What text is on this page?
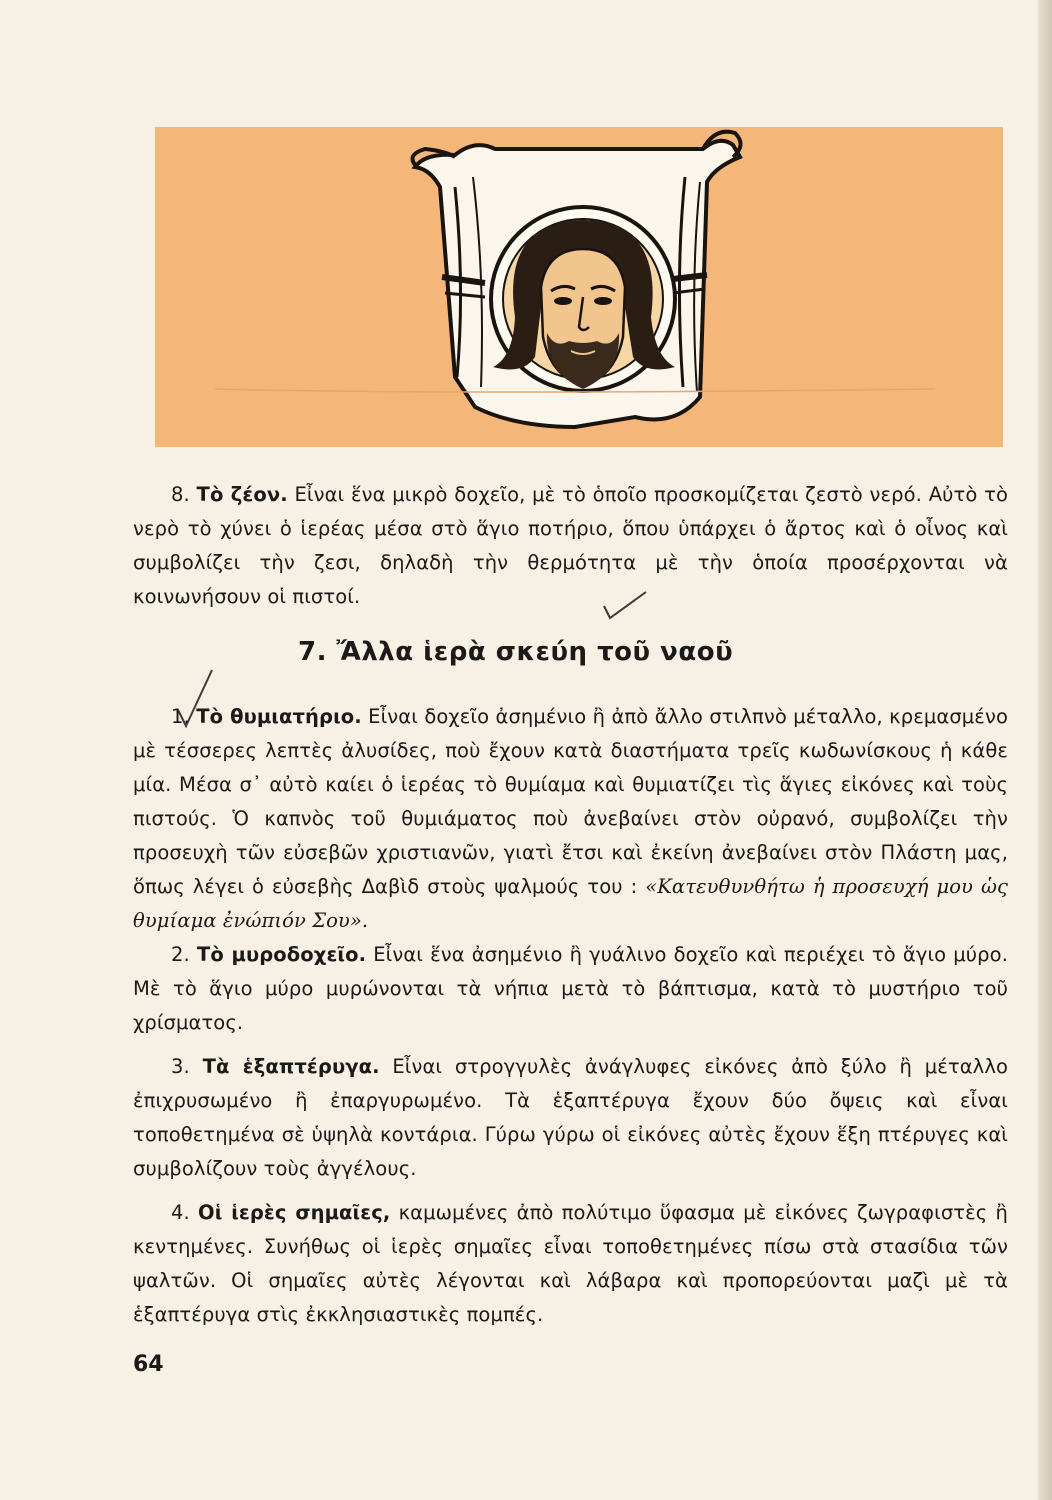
8. Τὸ ζέον. Εἶναι ἕνα μικρὸ δοχεῖο, μὲ τὸ ὁποῖο προσκομίζεται ζεστὸ νερό. Αὐτὸ τὸ νερὸ τὸ χύνει ὁ ἱερέας μέσα στὸ ἅγιο ποτήριο, ὅπου ὑπάρχει ὁ ἄρτος καὶ ὁ οἶνος καὶ συμβολίζει τὴν ζεσι, δηλαδὴ τὴν θερμότητα μὲ τὴν ὁποία προσέρχονται νὰ κοινωνήσουν οἱ πιστοί.

7. Ἄλλα ἱερὰ σκεύη τοῦ ναοῦ

1. Τὸ θυμιατήριο. Εἶναι δοχεῖο ἀσημένιο ἢ ἀπὸ ἄλλο στιλπνὸ μέταλλο, κρεμασμένο μὲ τέσσερες λεπτὲς ἀλυσίδες, ποὺ ἔχουν κατὰ διαστήματα τρεῖς κωδωνίσκους ἡ κάθε μία. Μέσα σ᾽ αὐτὸ καίει ὁ ἱερέας τὸ θυμίαμα καὶ θυμιατίζει τὶς ἅγιες εἰκόνες καὶ τοὺς πιστούς. Ὁ καπνὸς τοῦ θυμιάματος ποὺ ἀνεβαίνει στὸν οὐρανό, συμβολίζει τὴν προσευχὴ τῶν εὐσεβῶν χριστιανῶν, γιατὶ ἔτσι καὶ ἐκείνη ἀνεβαίνει στὸν Πλάστη μας, ὅπως λέγει ὁ εὐσεβὴς Δαβὶδ στοὺς ψαλμούς του : «Κατευθυνθήτω ἡ προσευχή μου ὡς θυμίαμα ἐνώπιόν Σου».

2. Τὸ μυροδοχεῖο. Εἶναι ἕνα ἀσημένιο ἢ γυάλινο δοχεῖο καὶ περιέχει τὸ ἅγιο μύρο. Μὲ τὸ ἅγιο μύρο μυρώνονται τὰ νήπια μετὰ τὸ βάπτισμα, κατὰ τὸ μυστήριο τοῦ χρίσματος.

3. Τὰ ἑξαπτέρυγα. Εἶναι στρογγυλὲς ἀνάγλυφες εἰκόνες ἀπὸ ξύλο ἢ μέταλλο ἐπιχρυσωμένο ἢ ἐπαργυρωμένο. Τὰ ἑξαπτέρυγα ἔχουν δύο ὄψεις καὶ εἶναι τοποθετημένα σὲ ὑψηλὰ κοντάρια. Γύρω γύρω οἱ εἰκόνες αὐτὲς ἔχουν ἕξη πτέρυγες καὶ συμβολίζουν τοὺς ἀγγέλους.

4. Οἱ ἱερὲς σημαῖες, καμωμένες ἀπὸ πολύτιμο ὕφασμα μὲ εἰκόνες ζωγραφιστὲς ἢ κεντημένες. Συνήθως οἱ ἱερὲς σημαῖες εἶναι τοποθετημένες πίσω στὰ στασίδια τῶν ψαλτῶν. Οἱ σημαῖες αὐτὲς λέγονται καὶ λάβαρα καὶ προπορεύονται μαζὶ μὲ τὰ ἑξαπτέρυγα στὶς ἐκκλησιαστικὲς πομπές.

64
